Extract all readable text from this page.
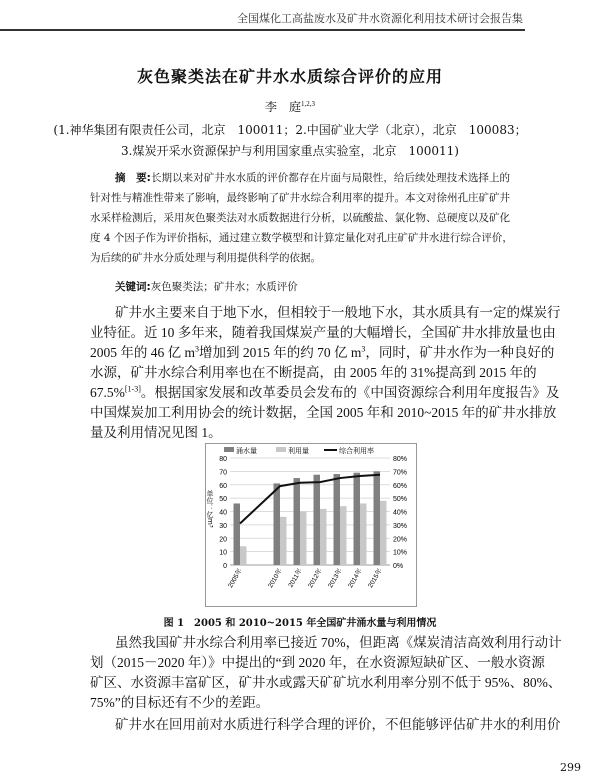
全国煤化工高盐废水及矿井水资源化利用技术研讨会报告集
灰色聚类法在矿井水水质综合评价的应用
李　庭$^{1,2,3}$
(1.神华集团有限责任公司，北京　100011；2.中国矿业大学（北京），北京　100083；
3.煤炭开采水资源保护与利用国家重点实验室，北京　100011)
摘　要:长期以来对矿井水水质的评价都存在片面与局限性，给后续处理技术选择上的
针对性与精准性带来了影响，最终影响了矿井水综合利用率的提升。本文对徐州孔庄矿矿井
水采样检测后，采用灰色聚类法对水质数据进行分析，以硫酸盐、氯化物、总硬度以及矿化
度 4 个因子作为评价指标，通过建立数学模型和计算定量化对孔庄矿矿井水进行综合评价，
为后续的矿井水分质处理与利用提供科学的依据。
关键词:灰色聚类法；矿井水；水质评价
矿井水主要来自于地下水，但相较于一般地下水，其水质具有一定的煤炭行
业特征。近 10 多年来，随着我国煤炭产量的大幅增长，全国矿井水排放量也由
2005 年的 46 亿 $m^3$增加到 2015 年的约 70 亿 $m^3$，同时，矿井水作为一种良好的
水源，矿井水综合利用率也在不断提高，由 2005 年的 31%提高到 2015 年的
67.5%[1-3]。根据国家发展和改革委员会发布的《中国资源综合利用年度报告》及
中国煤炭加工利用协会的统计数据，全国 2005 年和 2010~2015 年的矿井水排放
量及利用情况见图 1。
0	0%
10	10%
20	20%
30	30%
40	40%
50	50%
60	60%
70	70%
80	80%
单位：亿m³
2005年	2010年 2011年 2012年 2013年 2014年 2015年
涌水量	利用量	综合利用率
图 1　2005 和 2010~2015 年全国矿井涌水量与利用情况
虽然我国矿井水综合利用率已接近 70%，但距离《煤炭清洁高效利用行动计
划（2015－2020 年）》中提出的“到 2020 年，在水资源短缺矿区、一般水资源
矿区、水资源丰富矿区，矿井水或露天矿矿坑水利用率分别不低于 95%、80%、
75%”的目标还有不少的差距。
矿井水在回用前对水质进行科学合理的评价，不但能够评估矿井水的利用价
299
